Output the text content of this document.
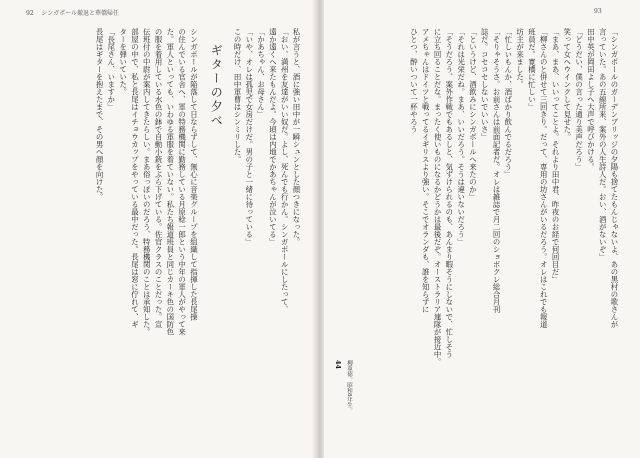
92 シンガポール撤退と華僑帰任

私が言うと、酒に強い田中が一瞬シュンとした顔つきになった。

「おい、満州を友達がいい奴だ。よし、死んでも行かん。シンガポールにしたって、

遠か遠くへ来たもんだよ。今頃は内地でかあちゃんが泣いてる」

「かあちゃん、お母さん」

「いや、オレは孤児で女房だけだ。男の子と一緒に待っている」

この時だけ、田中軍曹はシンミリした。

ギターの夕べ

シンガポールが陥落して日ならずして、無心に音楽グループを組織して指揮した長尾操

の住んでいる官舎へ、軍の特務機関に勤務している月原稔一郎という中年の軍人がやって来

た。軍人といっても、いわゆる軍服を着ていない。私たち報道班員と同じカーキ色の国防色

の服を着用している水色の鉢で自動小銃をぶら下げている。佐官クラスのことだった。宣

伝班付の中尉が案内してきたらしい。まあ俗っぽいのだろう、特務機関のことは承知した。

部屋の中で、私と長尾はイチョウカップをやっている最中だった。長尾は窓に佇れて、ギ

ターを弾いていた。

「長尾さん、いますか」

長尾はギターを抱えたまで、その男へ顔を向けた。

93

「シンガポールのガーデンブリッジの夕陽も捨てたもんじゃないよ、あの黒村の歌さんが

言っていた。あの五線所来、案外の人生詩人だ。おい、酒がないぞ」

田中英が岡田よし子へ大声で呼びかける。

「どうだい、僕の言った通り美声だろう」

笑って女へウインクして見せた。

「まあ、まあ、いいってことよ。それより田中君、昨夜のお経で何回目だ」

「柳さんのと併せて三回きり。だって、専用の坊さんがいるだろう。オレはこれでも報道

班員だ。寛橋に忙しい」

坊主が来ました。

「忙しいもんか、酒ばかり飲んでるだろう」

「そりゃそうさ。お前さんは前面記者だ。オレは雑誌で月二回のショボクレ総合月刊

誌だ。コセコセしないでいいさ」

「というけど、酒飲みにシンガポールへ来たのか」

「それは光栄だね。まあ、いいだろう。そうは違いないだろう」

「そうだろう、案外作戦でもあるしと、気ずけられるのも、あんまり暇そうにしないで、忙しそう

に立ち回ることだな。まったく使いものになるかどうかは最後だぞ。オーストラリア連隊が接近中。

アメちゃんはドイツと戦ってるイギリスより強い。そこでオランダも、誰を知らずに

ひとつ、酔いついて一杯やろう

44 柳重徳。昭和8年生。
